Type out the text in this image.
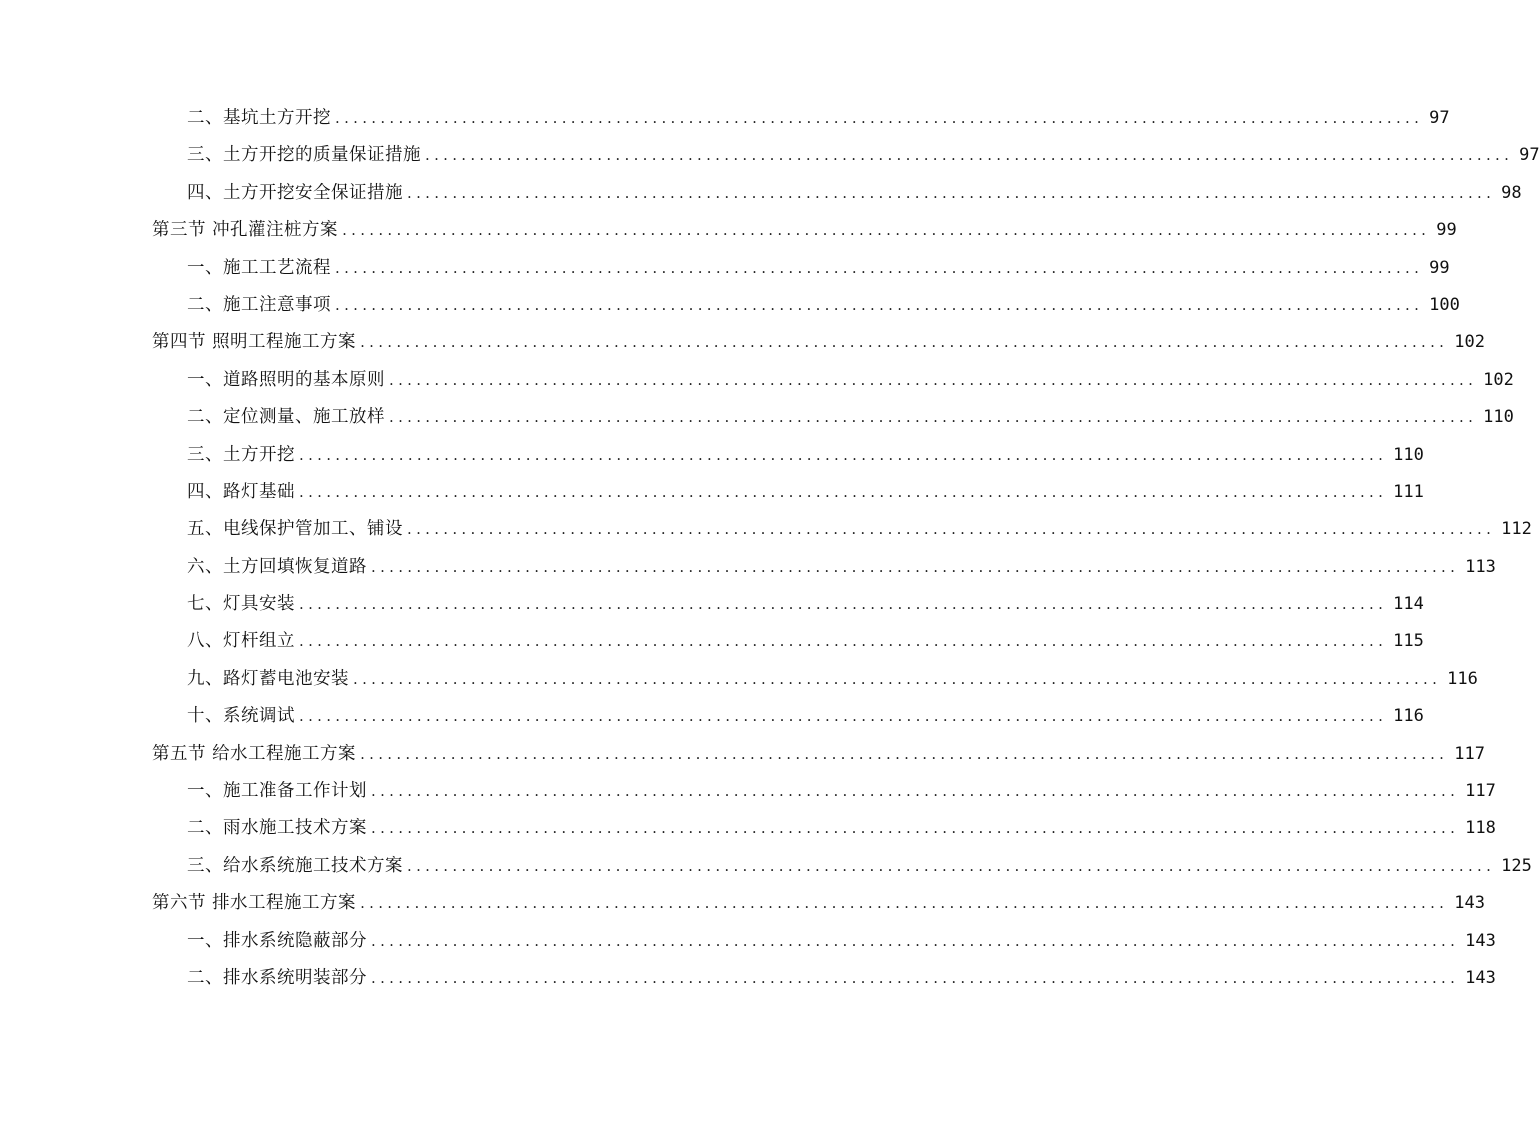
二、基坑土方开挖 ........................................................................................................................ 97
三、土方开挖的质量保证措施 ........................................................................................................................ 97
四、土方开挖安全保证措施 ........................................................................................................................ 98
第三节 冲孔灌注桩方案 ........................................................................................................................ 99
一、施工工艺流程 ........................................................................................................................ 99
二、施工注意事项 ........................................................................................................................ 100
第四节 照明工程施工方案 ........................................................................................................................ 102
一、道路照明的基本原则 ........................................................................................................................ 102
二、定位测量、施工放样 ........................................................................................................................ 110
三、土方开挖 ........................................................................................................................ 110
四、路灯基础 ........................................................................................................................ 111
五、电线保护管加工、铺设 ........................................................................................................................ 112
六、土方回填恢复道路 ........................................................................................................................ 113
七、灯具安装 ........................................................................................................................ 114
八、灯杆组立 ........................................................................................................................ 115
九、路灯蓄电池安装 ........................................................................................................................ 116
十、系统调试 ........................................................................................................................ 116
第五节 给水工程施工方案 ........................................................................................................................ 117
一、施工准备工作计划 ........................................................................................................................ 117
二、雨水施工技术方案 ........................................................................................................................ 118
三、给水系统施工技术方案 ........................................................................................................................ 125
第六节 排水工程施工方案 ........................................................................................................................ 143
一、排水系统隐蔽部分 ........................................................................................................................ 143
二、排水系统明装部分 ........................................................................................................................ 143
